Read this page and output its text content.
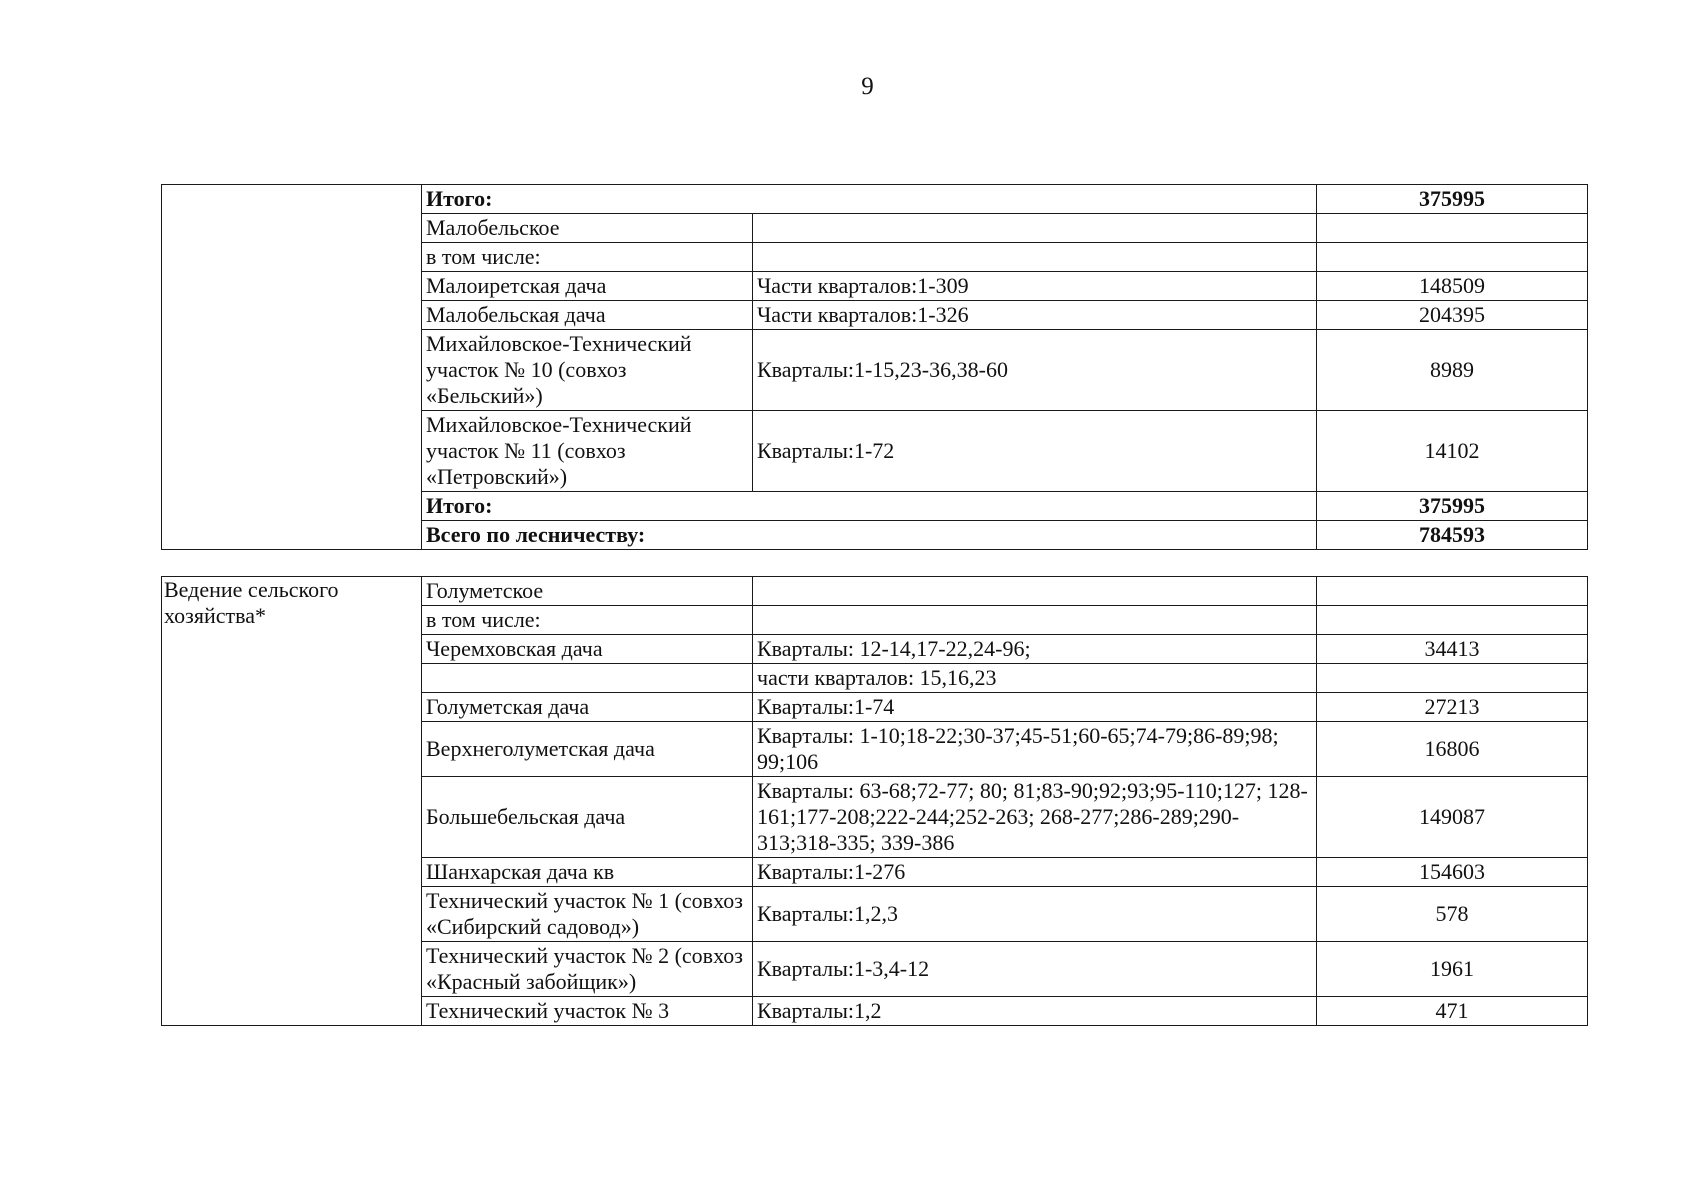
9
	Итого:		375995
	Малобельское		
	в том числе:		
	Малоиретская дача	Части кварталов:1-309	148509
	Малобельская дача	Части кварталов:1-326	204395
	Михайловское-Технический участок № 10 (совхоз «Бельский»)	Кварталы:1-15,23-36,38-60	8989
	Михайловское-Технический участок № 11 (совхоз «Петровский»)	Кварталы:1-72	14102
	Итого:		375995
	Всего по лесничеству:		784593
Ведение сельского хозяйства*	Голуметское		
	в том числе:		
	Черемховская дача	Кварталы: 12-14,17-22,24-96;	34413
		части кварталов: 15,16,23	
	Голуметская дача	Кварталы:1-74	27213
	Верхнеголуметская дача	Кварталы: 1-10;18-22;30-37;45-51;60-65;74-79;86-89;98; 99;106	16806
	Большебельская дача	Кварталы: 63-68;72-77; 80; 81;83-90;92;93;95-110;127; 128-161;177-208;222-244;252-263; 268-277;286-289;290-313;318-335; 339-386	149087
	Шанхарская дача кв	Кварталы:1-276	154603
	Технический участок № 1 (совхоз «Сибирский садовод»)	Кварталы:1,2,3	578
	Технический участок № 2 (совхоз «Красный забойщик»)	Кварталы:1-3,4-12	1961
	Технический участок № 3	Кварталы:1,2	471
